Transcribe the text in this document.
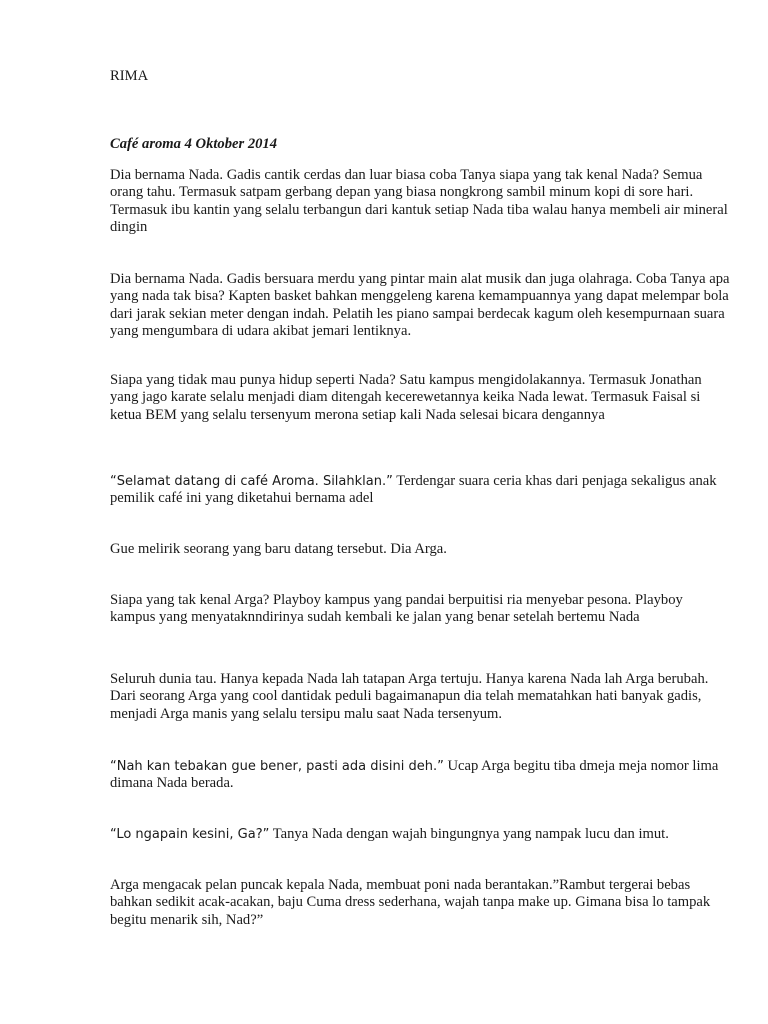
RIMA

Café aroma 4 Oktober 2014

Dia bernama Nada. Gadis cantik cerdas dan luar biasa coba Tanya siapa yang tak kenal Nada? Semua orang tahu. Termasuk satpam gerbang depan yang biasa nongkrong sambil minum kopi di sore hari. Termasuk ibu kantin yang selalu terbangun dari kantuk setiap Nada tiba walau hanya membeli air mineral dingin

Dia bernama Nada. Gadis bersuara merdu yang pintar main alat musik dan juga olahraga. Coba Tanya apa yang nada tak bisa? Kapten basket bahkan menggeleng karena kemampuannya yang dapat melempar bola dari jarak sekian meter dengan indah. Pelatih les piano sampai berdecak kagum oleh kesempurnaan suara yang mengumbara di udara akibat jemari lentiknya.

Siapa yang tidak mau punya hidup seperti Nada? Satu kampus mengidolakannya. Termasuk Jonathan yang jago karate selalu menjadi diam ditengah kecerewetannya keika Nada lewat. Termasuk Faisal si ketua BEM yang selalu tersenyum merona setiap kali Nada selesai bicara dengannya

“Selamat datang di café Aroma. Silahklan.” Terdengar suara ceria khas dari penjaga sekaligus anak pemilik café ini yang diketahui bernama adel

Gue melirik seorang yang baru datang tersebut. Dia Arga.

Siapa yang tak kenal Arga? Playboy kampus yang pandai berpuitisi ria menyebar pesona. Playboy kampus yang menyataknndirinya sudah kembali ke jalan yang benar setelah bertemu Nada

Seluruh dunia tau. Hanya kepada Nada lah tatapan Arga tertuju. Hanya karena Nada lah Arga berubah. Dari seorang Arga yang cool dantidak peduli bagaimanapun dia telah mematahkan hati banyak gadis, menjadi Arga manis yang selalu tersipu malu saat Nada tersenyum.

“Nah kan tebakan gue bener, pasti ada disini deh.” Ucap Arga begitu tiba dmeja meja nomor lima dimana Nada berada.

“Lo ngapain kesini, Ga?” Tanya Nada dengan wajah bingungnya yang nampak lucu dan imut.

Arga mengacak pelan puncak kepala Nada, membuat poni nada berantakan.”Rambut tergerai bebas bahkan sedikit acak-acakan, baju Cuma dress sederhana, wajah tanpa make up. Gimana bisa lo tampak begitu menarik sih, Nad?”
